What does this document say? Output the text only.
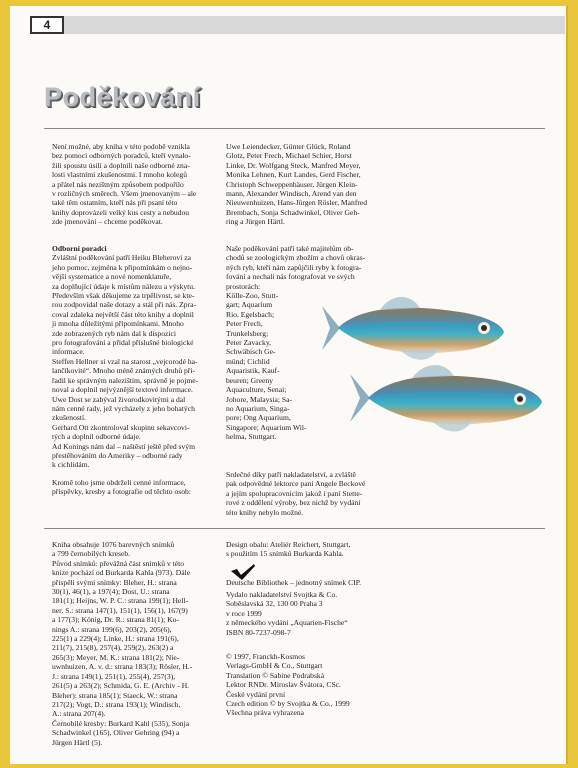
4
Poděkování
Není možné, aby kniha v této podobě vznikla
bez pomoci odborných poradců, kteří vynalo-
žili spoustu úsilí a doplnili naše odborné zna-
losti vlastními zkušenostmi. I mnoho kolegů
a přátel nás nezištným způsobem podpořilo
v rozličných směrech. Všem jmenovaným – ale
také těm ostatním, kteří nás při psaní této
knihy doprovázeli velký kus cesty a nebudou
zde jmenováni – chceme poděkovat.
Odborní poradci
Zvláštní poděkování patří Heiku Bleherovi za
jeho pomoc, zejména k připomínkám o nejno-
vější systematice a nové nomenklatuře,
za doplňující údaje k místům nálezu a výskytu.
Především však děkujeme za trpělivost, se kte-
rou zodpovídal naše dotazy a stál při nás. Zpra-
coval zdaleka největší část této knihy a doplnil
ji mnoha důležitými připomínkami. Mnoho
zde zobrazených ryb nám dal k dispozici
pro fotografování a přidal příslušné biologické
informace.
Steffen Hellner si vzal na starost „vejcorodé ha-
lančíkovité“. Mnoho méně známých druhů při-
řadil ke správným nalezištím, správně je pojme-
noval a doplnil nejvýznější textové informace.
Uwe Dost se zabýval živorodkovitými a dal
nám cenné rady, jež vycházely z jeho bohatých
zkušeností.
Gerhard Ott zkontroloval skupinu sekavcovi-
tých a doplnil odborné údaje.
Ad Konings nám dal – naštěstí ještě před svým
přestěhováním do Ameriky – odborné rady
k cichlidám.
Kromě toho jsme obdrželi cenné informace,
příspěvky, kresby a fotografie od těchto osob:
Uwe Leiendecker, Günter Glück, Roland
Glotz, Peter Frech, Michael Schier, Horst
Linke, Dr. Wolfgang Steck, Manfred Meyer,
Monika Lehnen, Kurt Landes, Gerd Fischer,
Christoph Schweppenhäuser, Jürgen Klein-
mann, Alexander Windisch, Arend van den
Nieuwenhuizen, Hans-Jürgen Rösler, Manfred
Brembach, Sonja Schadwinkel, Oliver Geh-
ring a Jürgen Härtl.
Naše poděkování patří také majitelům ob-
chodů se zoologickým zbožím a chovů okras-
ných ryb, kteří nám zapůjčili ryby k fotogra-
fování a nechali nás fotografovat ve svých
prostorách:
Kölle-Zoo, Stutt-
gart; Aquarium
Rio, Egelsbach;
Peter Frech,
Trunkelsberg;
Peter Zavacky,
Schwäbisch Ge-
münd; Cichlid
Aquaristik, Kauf-
beuren; Greeny
Aquaculture, Senai;
Johore, Malaysia; Sa-
no Aquarium, Singa-
pore; Ong Aquarium,
Singapore; Aquarium Wil-
helma, Stuttgart.
Srdečné díky patří nakladatelství, a zvláště
pak odpovědné lektorce paní Angele Beckové
a jejím spolupracovnicím jakož i paní Stette-
rové z oddělení výroby, bez nichž by vydání
této knihy nebylo možné.
Kniha obsahuje 1076 barevných snímků
a 799 černobílých kreseb.
Původ snímků: převážná část snímků v této
knize pochází od Burkarda Kahla (973). Dále
přispěli svými snímky: Bleher, H.: strana
30(1), 46(1), a 197(4); Dost, U.: strana
181(1); Heijns, W. P. C.: strana 199(1); Hell-
ner, S.: strana 147(1), 151(1), 156(1), 167(9)
a 177(3); König, Dr. R.: strana 81(1); Ko-
nings A.: strana 199(6), 203(2), 205(6),
225(1) a 229(4); Linke, H.: strana 191(6),
211(7), 215(8), 257(4), 259(2), 263(2) a
265(3); Meyer, M. K.: strana 181(2); Nie-
uwnhuizen, A. v. d.: strana 183(3); Rösler, H.-
J.: strana 149(1), 251(1), 255(4), 257(3),
261(5) a 263(2); Schmida, G. E. (Archiv - H.
Bleher): strana 185(1); Staeck, W.: strana
217(2); Vogt, D.: strana 193(1); Windisch,
A.: strana 207(4).
Černobílé kresby: Burkard Kahl (535), Sonja
Schadwinkel (165), Oliver Gehring (94) a
Jürgen Härtl (5).
Design obalu: Ateliér Reichert, Stuttgart,
s použitím 15 snímků Burkarda Kahla.
Deutsche Bibliothek – jednotný snímek CIP.
Vydalo nakladatelství Svojtka & Co.
Soběslavská 32, 130 00 Praha 3
v roce 1999
z německého vydání „Aquarien-Fische“
ISBN 80-7237-098-7
© 1997, Franckh-Kosmos
Verlags-GmbH & Co., Stuttgart
Translation © Sabine Podrabská
Lektor RNDr. Miroslav Švátora, CSc.
České vydání první
Czech edition © by Svojtka & Co., 1999
Všechna práva vyhrazena
